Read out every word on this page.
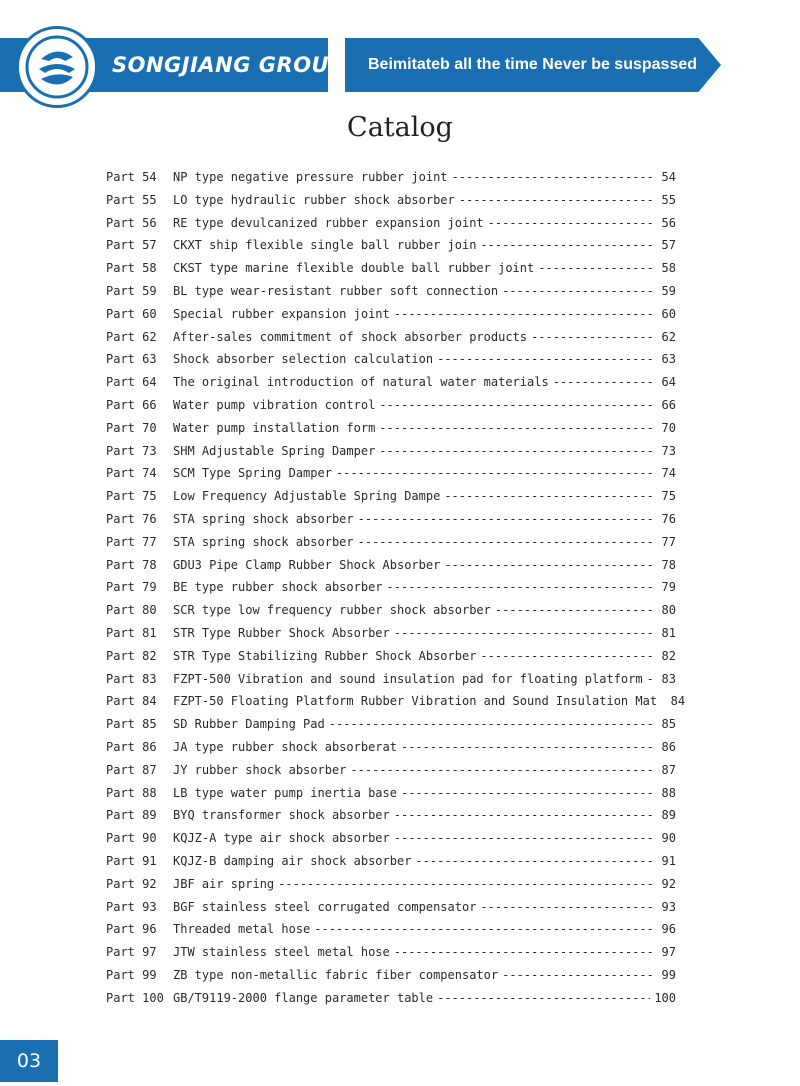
SONGJIANG GROUP Beimitateb all the time Never be suspassed
Catalog
Part 54	NP type negative pressure rubber joint -----	54
Part 55	LO type hydraulic rubber shock absorber -----	55
Part 56	RE type devulcanized rubber expansion joint -----	56
Part 57	CKXT ship flexible single ball rubber join -----	57
Part 58	CKST type marine flexible double ball rubber joint -----	58
Part 59	BL type wear-resistant rubber soft connection -----	59
Part 60	Special rubber expansion joint -----	60
Part 62	After-sales commitment of shock absorber products -----	62
Part 63	Shock absorber selection calculation -----	63
Part 64	The original introduction of natural water materials -----	64
Part 66	Water pump vibration control -----	66
Part 70	Water pump installation form -----	70
Part 73	SHM Adjustable Spring Damper -----	73
Part 74	SCM Type Spring Damper -----	74
Part 75	Low Frequency Adjustable Spring Dampe -----	75
Part 76	STA spring shock absorber -----	76
Part 77	STA spring shock absorber -----	77
Part 78	GDU3 Pipe Clamp Rubber Shock Absorber -----	78
Part 79	BE type rubber shock absorber -----	79
Part 80	SCR type low frequency rubber shock absorber -----	80
Part 81	STR Type Rubber Shock Absorber -----	81
Part 82	STR Type Stabilizing Rubber Shock Absorber -----	82
Part 83	FZPT-500 Vibration and sound insulation pad for floating platform -----	83
Part 84	FZPT-50 Floating Platform Rubber Vibration and Sound Insulation Mat	84
Part 85	SD Rubber Damping Pad -----	85
Part 86	JA type rubber shock absorberat -----	86
Part 87	JY rubber shock absorber -----	87
Part 88	LB type water pump inertia base -----	88
Part 89	BYQ transformer shock absorber -----	89
Part 90	KQJZ-A type air shock absorber -----	90
Part 91	KQJZ-B damping air shock absorber -----	91
Part 92	JBF air spring -----	92
Part 93	BGF stainless steel corrugated compensator -----	93
Part 96	Threaded metal hose -----	96
Part 97	JTW stainless steel metal hose -----	97
Part 99	ZB type non-metallic fabric fiber compensator -----	99
Part 100 GB/T9119-2000 flange parameter table -----	100
03
